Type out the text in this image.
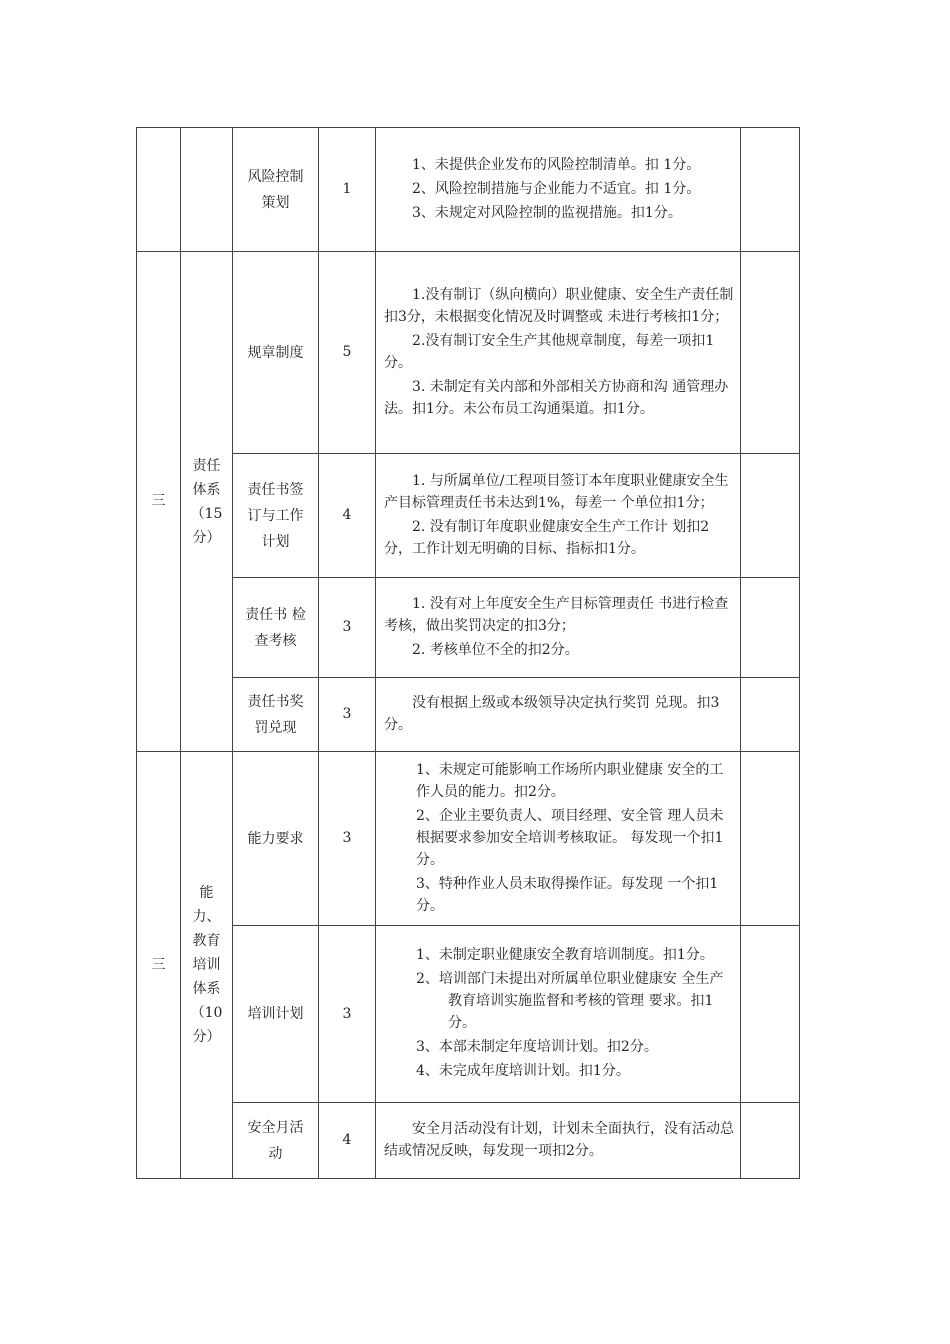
		风险控制策划	1	1、未提供企业发布的风险控制清单。扣 1分。

2、风险控制措施与企业能力不适宜。扣 1分。

3、未规定对风险控制的监视措施。扣1分。	

三	责任体系（15分）	规章制度	5	1.没有制订（纵向横向）职业健康、安全生产责任制扣3分，未根据变化情况及时调整或 未进行考核扣1分；

2.没有制订安全生产其他规章制度，每差一项扣1分。

3. 未制定有关内部和外部相关方协商和沟 通管理办法。扣1分。未公布员工沟通渠道。扣1分。	

		责任书签订与工作计划	4	1. 与所属单位/工程项目签订本年度职业健康安全生产目标管理责任书未达到1%，每差一 个单位扣1分；

2. 没有制订年度职业健康安全生产工作计 划扣2分，工作计划无明确的目标、指标扣1分。	

		责任书 检查考核	3	1. 没有对上年度安全生产目标管理责任 书进行检查考核，做出奖罚决定的扣3分；

2. 考核单位不全的扣2分。	

		责任书奖罚兑现	3	没有根据上级或本级领导决定执行奖罚 兑现。扣3分。	

三	能力、教育培训体系（10分）	能力要求	3	1、未规定可能影响工作场所内职业健康 安全的工作人员的能力。扣2分。

2、企业主要负责人、项目经理、安全管 理人员未根据要求参加安全培训考核取证。 每发现一个扣1分。

3、特种作业人员未取得操作证。每发现 一个扣1分。	

		培训计划	3	1、未制定职业健康安全教育培训制度。扣1分。

2、培训部门未提出对所属单位职业健康安 全生产教育培训实施监督和考核的管理 要求。扣1分。

3、本部未制定年度培训计划。扣2分。

4、未完成年度培训计划。扣1分。	

		安全月活动	4	安全月活动没有计划，计划未全面执行，没有活动总结或情况反映，每发现一项扣2分。	
